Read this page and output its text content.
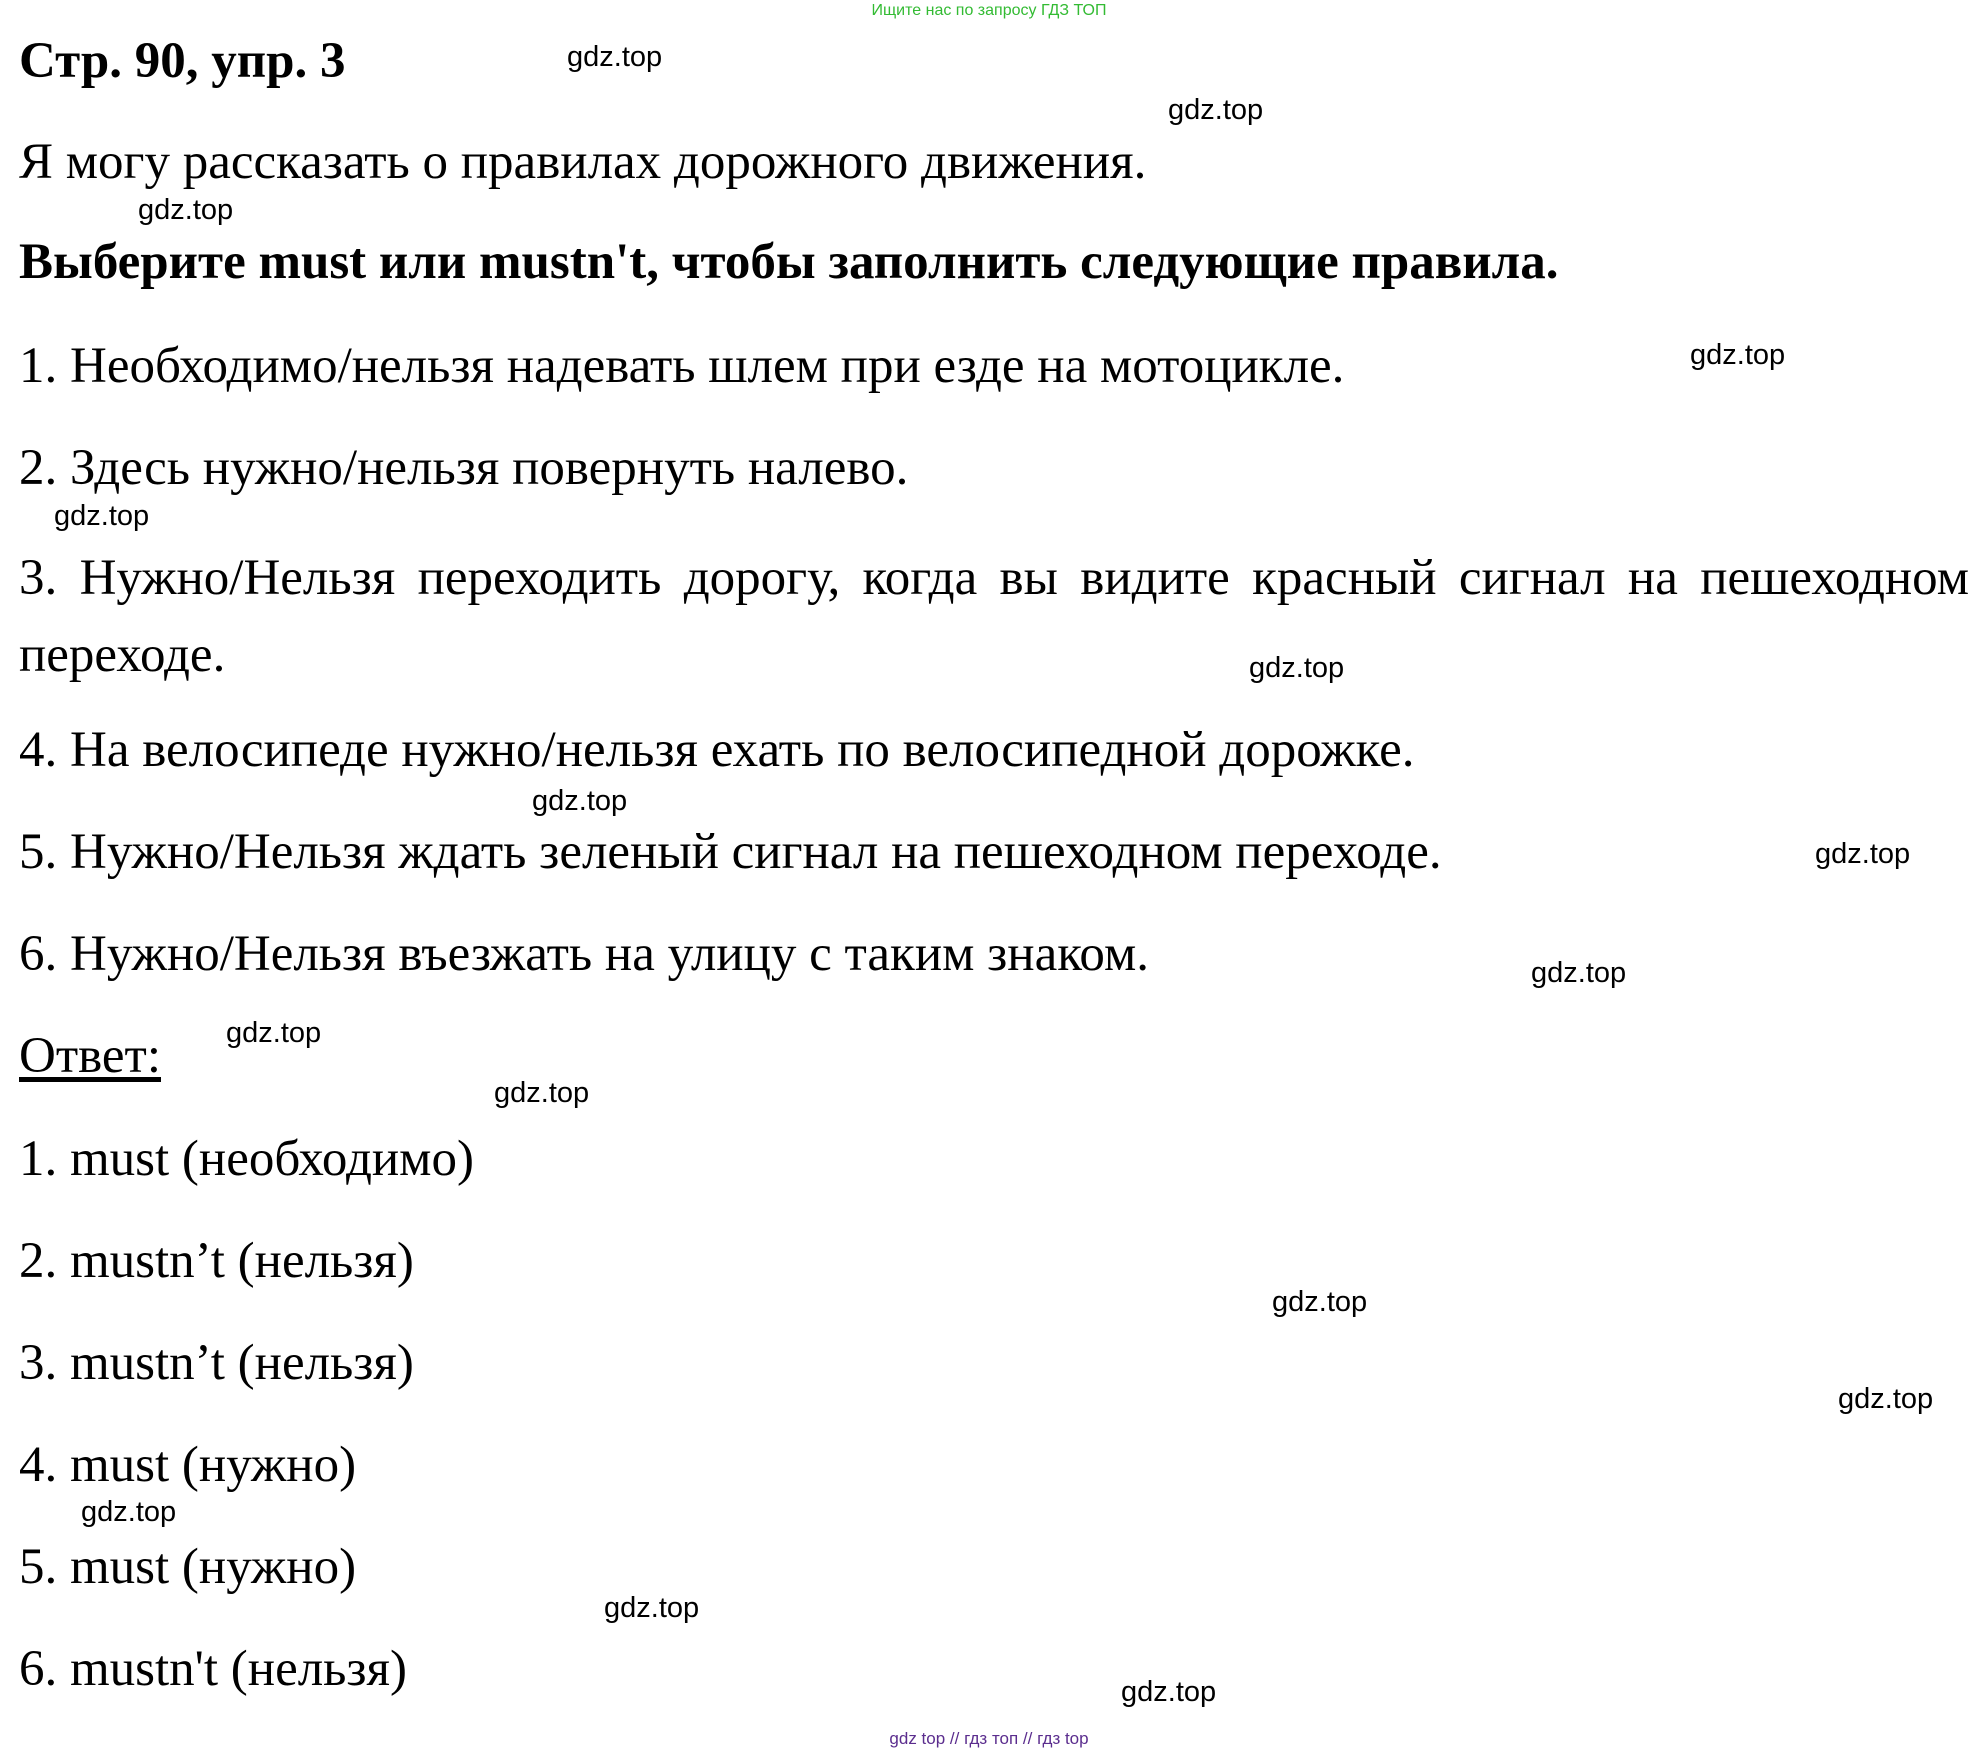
Ищите нас по запросу ГДЗ ТОП
Стр. 90, упр. 3
Я могу рассказать о правилах дорожного движения.
Выберите must или mustn't, чтобы заполнить следующие правила.
1. Необходимо/нельзя надевать шлем при езде на мотоцикле.
2. Здесь нужно/нельзя повернуть налево.
3. Нужно/Нельзя переходить дорогу, когда вы видите красный сигнал на пешеходном переходе.
4. На велосипеде нужно/нельзя ехать по велосипедной дорожке.
5. Нужно/Нельзя ждать зеленый сигнал на пешеходном переходе.
6. Нужно/Нельзя въезжать на улицу с таким знаком.
Ответ:
1. must (необходимо)
2. mustn’t (нельзя)
3. mustn’t (нельзя)
4. must (нужно)
5. must (нужно)
6. mustn't (нельзя)
gdz.top
gdz.top
gdz.top
gdz.top
gdz.top
gdz.top
gdz.top
gdz.top
gdz.top
gdz.top
gdz.top
gdz.top
gdz.top
gdz.top
gdz.top
gdz.top
gdz top // гдз топ // гдз top
